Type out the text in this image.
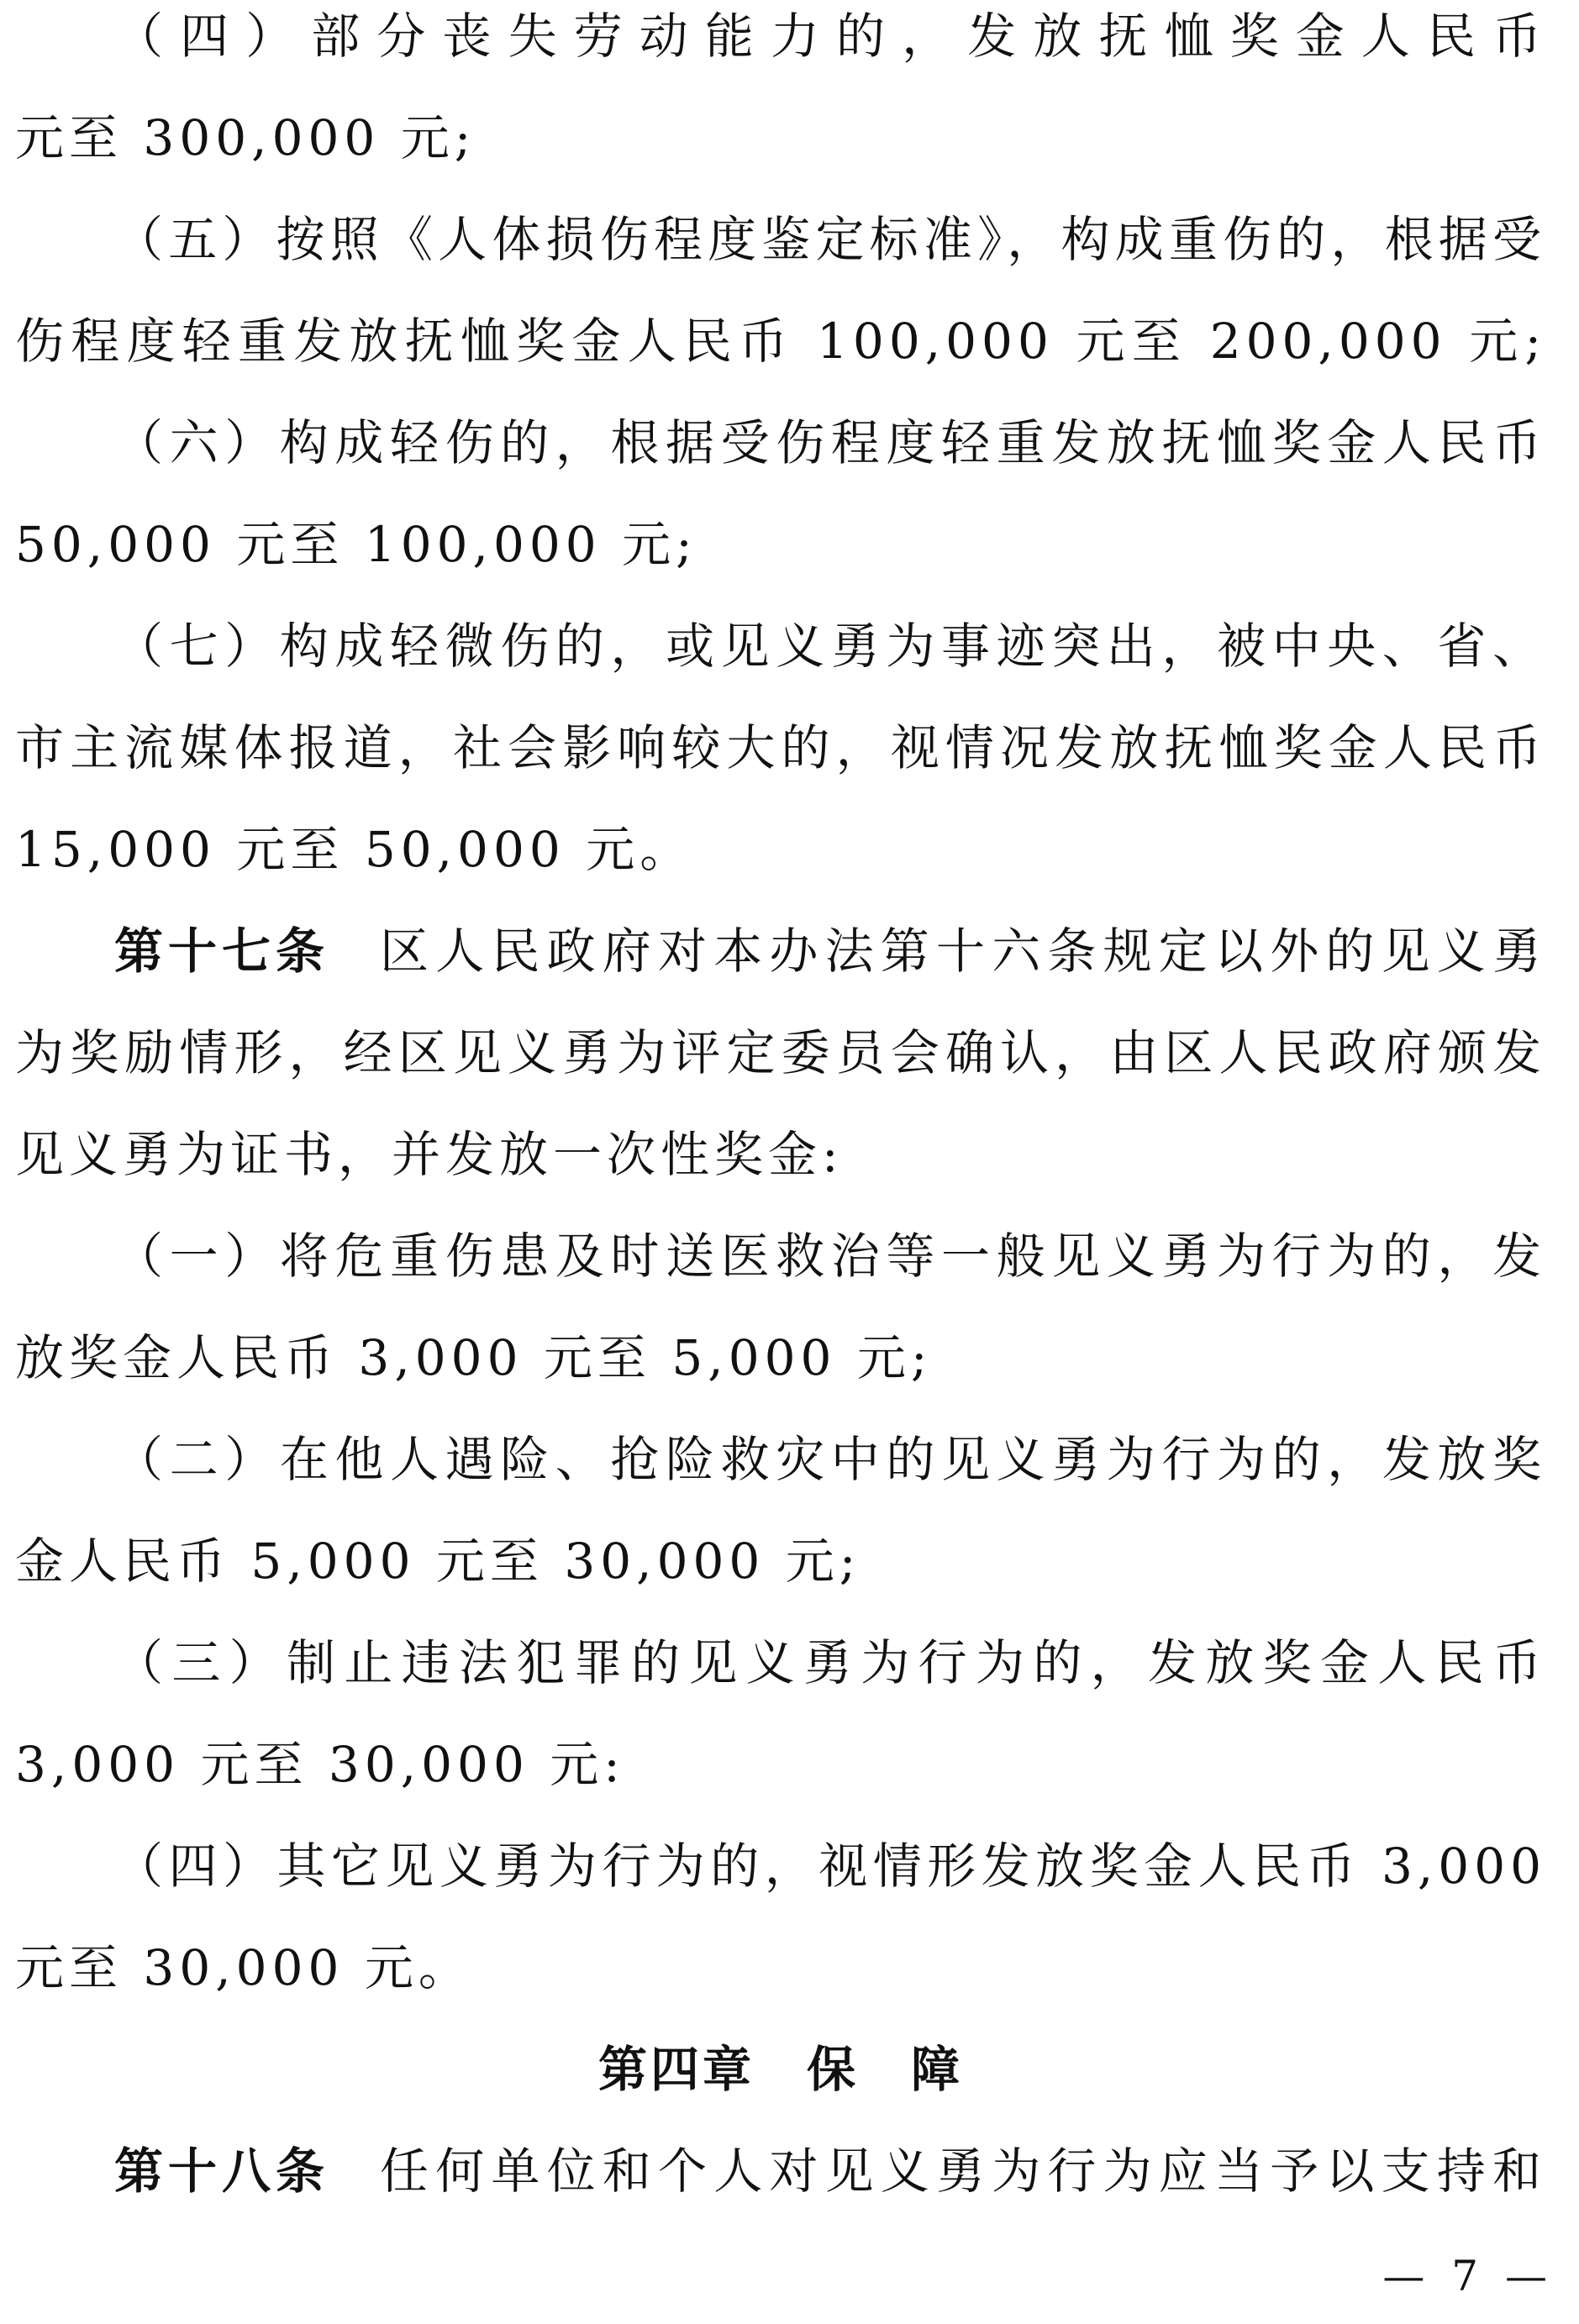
（四）部分丧失劳动能力的，发放抚恤奖金人民币
元至 300,000 元;
（五）按照《人体损伤程度鉴定标准》，构成重伤的，根据受
伤程度轻重发放抚恤奖金人民币 100,000 元至 200,000 元;
（六）构成轻伤的，根据受伤程度轻重发放抚恤奖金人民币
50,000 元至 100,000 元;
（七）构成轻微伤的，或见义勇为事迹突出，被中央、省、
市主流媒体报道，社会影响较大的，视情况发放抚恤奖金人民币
15,000 元至 50,000 元。
第十七条 区人民政府对本办法第十六条规定以外的见义勇
为奖励情形，经区见义勇为评定委员会确认，由区人民政府颁发
见义勇为证书，并发放一次性奖金:
（一）将危重伤患及时送医救治等一般见义勇为行为的，发
放奖金人民币 3,000 元至 5,000 元;
（二）在他人遇险、抢险救灾中的见义勇为行为的，发放奖
金人民币 5,000 元至 30,000 元;
（三）制止违法犯罪的见义勇为行为的，发放奖金人民币
3,000 元至 30,000 元:
（四）其它见义勇为行为的，视情形发放奖金人民币 3,000
元至 30,000 元。
第四章　保　障
第十八条 任何单位和个人对见义勇为行为应当予以支持和
— 7 —
